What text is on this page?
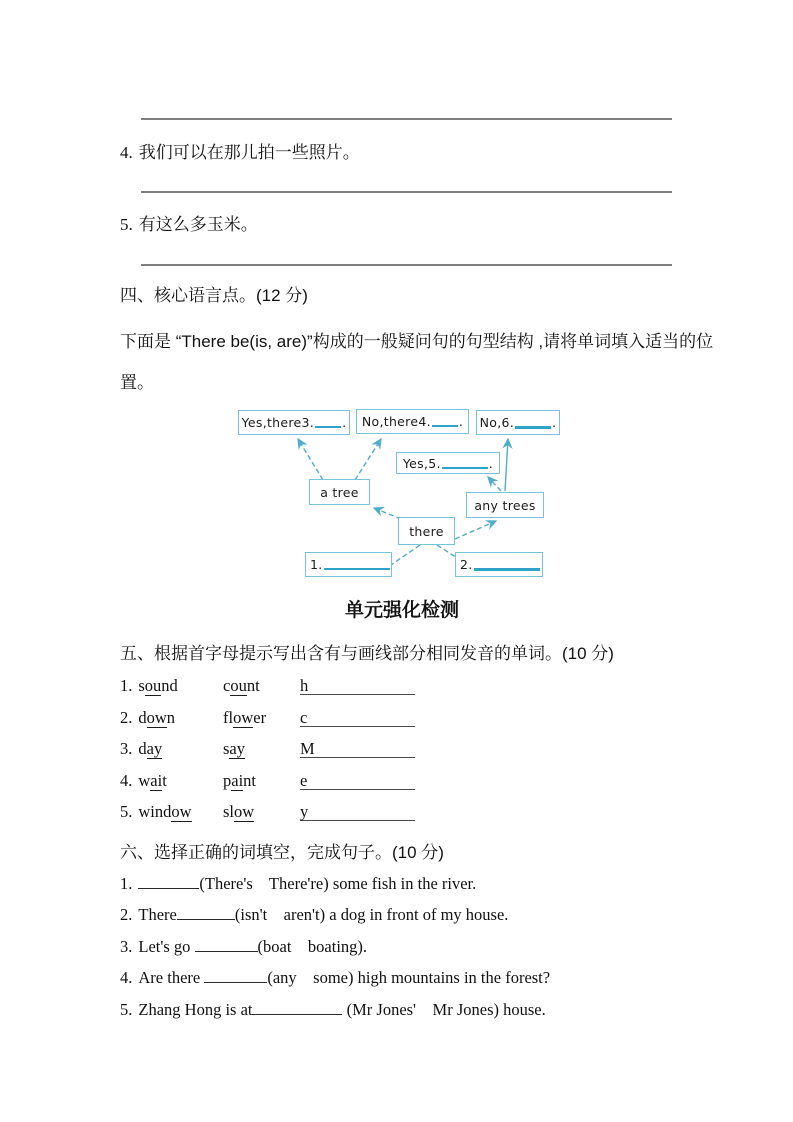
4. 我们可以在那儿拍一些照片。
5. 有这么多玉米。
四、核心语言点。(12 分)
下面是 “There be(is, are)”构成的一般疑问句的句型结构 ,请将单词填入适当的位
置。
Yes,there3. . No,there4. . No,6.	.
Yes,5.	.
a tree
any trees
there
1.	2.
单元强化检测
五、根据首字母提示写出含有与画线部分相同发音的单词。(10 分)
1. sound	count h
2. down	flower c
3. day	say	M
4. wait	paint	e
5. window slow	y
六、选择正确的词填空，完成句子。(10 分)
1.	(There's    There're) some fish in the river.
2. There	(isn't    aren't) a dog in front of my house.
3. Let's go	(boat    boating).
4. Are there	(any    some) high mountains in the forest?
5. Zhang Hong is at	(Mr Jones'    Mr Jones) house.
